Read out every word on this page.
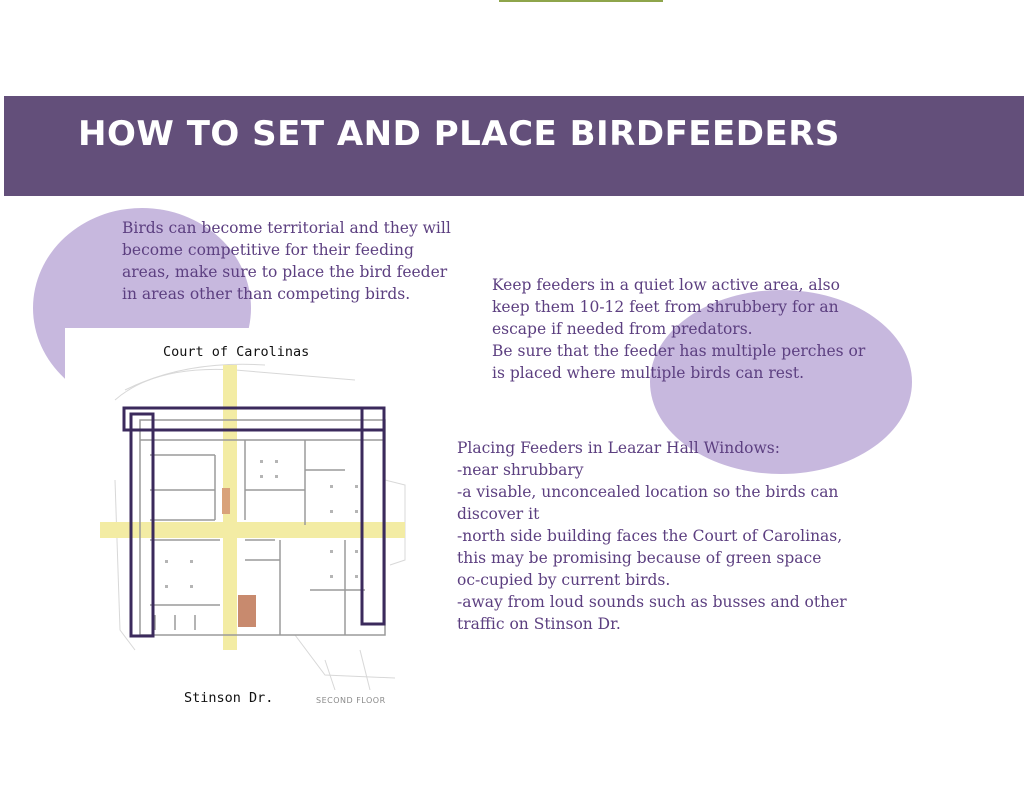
HOW TO SET AND PLACE BIRDFEEDERS
Birds can become territorial and they will become competitive for their feeding areas, make sure to place the bird feeder in areas other than competing birds.	Keep feeders in a quiet low active area, also keep them 10-12 feet from shrubbery for an escape if needed from predators.

Be sure that the feeder has multiple perches or is placed where multiple birds can rest.

Placing Feeders in Leazar Hall Windows:

-near shrubbary

-a visable, unconcealed location so the birds can discover it

-north side building faces the Court of Carolinas, this may be promising because of green space oc-cupied by current birds.

-away from loud sounds such as busses and other traffic on Stinson Dr.

Court of Carolinas
Stinson Dr.	SECOND FLOOR
